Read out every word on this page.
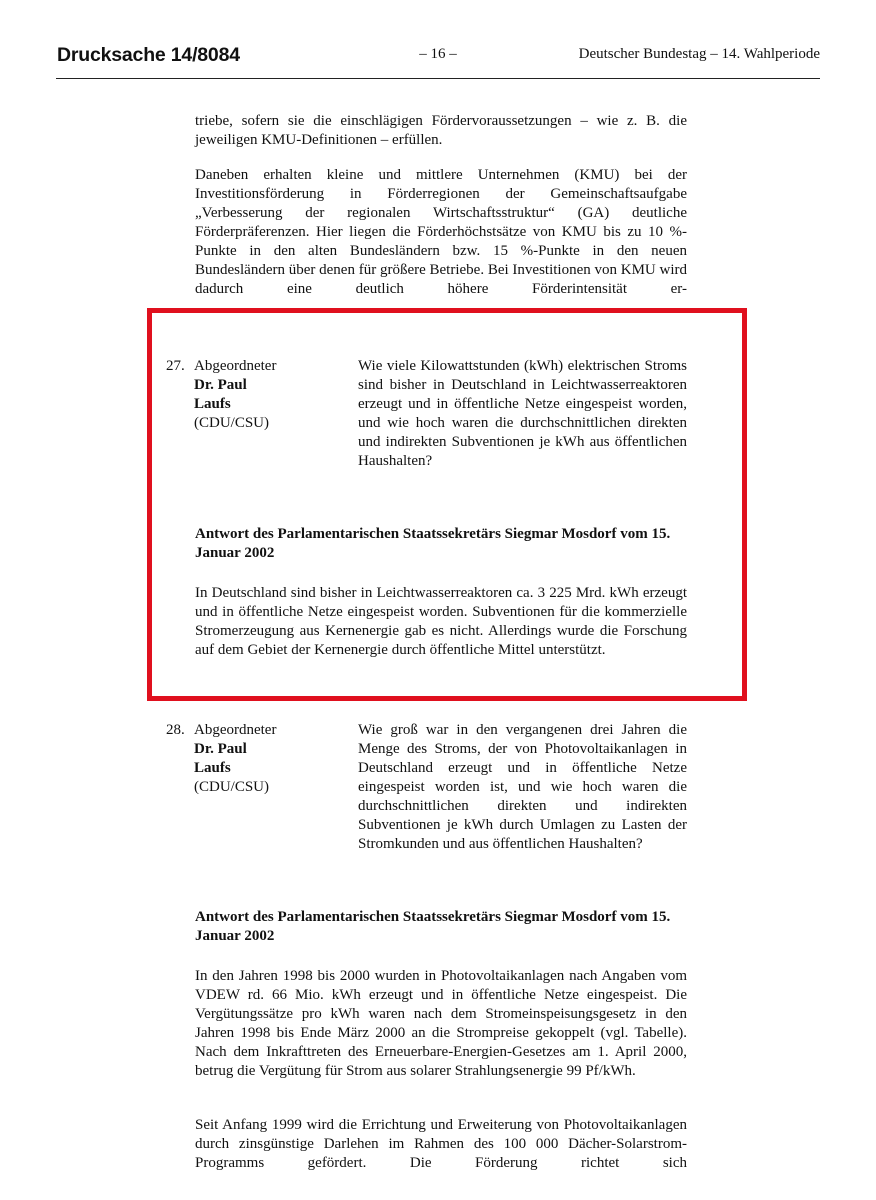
Drucksache 14/8084	– 16 –	Deutscher Bundestag – 14. Wahlperiode

triebe, sofern sie die einschlägigen Fördervoraussetzungen – wie z. B. die jeweiligen KMU-Definitionen – erfüllen.

Daneben erhalten kleine und mittlere Unternehmen (KMU) bei der Investitionsförderung in Förderregionen der Gemeinschaftsaufgabe „Verbesserung der regionalen Wirtschaftsstruktur“ (GA) deutliche Förderpräferenzen. Hier liegen die Förderhöchstsätze von KMU bis zu 10 %-Punkte in den alten Bundesländern bzw. 15 %-Punkte in den neuen Bundesländern über denen für größere Betriebe. Bei Investitionen von KMU wird dadurch eine deutlich höhere Förderintensität er-

27. Abgeordneter
Dr. Paul
Laufs
(CDU/CSU)

Wie viele Kilowattstunden (kWh) elektrischen Stroms sind bisher in Deutschland in Leichtwasserreaktoren erzeugt und in öffentliche Netze eingespeist worden, und wie hoch waren die durchschnittlichen direkten und indirekten Subventionen je kWh aus öffentlichen Haushalten?

Antwort des Parlamentarischen Staatssekretärs Siegmar Mosdorf vom 15. Januar 2002

In Deutschland sind bisher in Leichtwasserreaktoren ca. 3 225 Mrd. kWh erzeugt und in öffentliche Netze eingespeist worden. Subventionen für die kommerzielle Stromerzeugung aus Kernenergie gab es nicht. Allerdings wurde die Forschung auf dem Gebiet der Kernenergie durch öffentliche Mittel unterstützt.

28. Abgeordneter
Dr. Paul
Laufs
(CDU/CSU)

Wie groß war in den vergangenen drei Jahren die Menge des Stroms, der von Photovoltaikanlagen in Deutschland erzeugt und in öffentliche Netze eingespeist worden ist, und wie hoch waren die durchschnittlichen direkten und indirekten Subventionen je kWh durch Umlagen zu Lasten der Stromkunden und aus öffentlichen Haushalten?

Antwort des Parlamentarischen Staatssekretärs Siegmar Mosdorf vom 15. Januar 2002

In den Jahren 1998 bis 2000 wurden in Photovoltaikanlagen nach Angaben vom VDEW rd. 66 Mio. kWh erzeugt und in öffentliche Netze eingespeist. Die Vergütungssätze pro kWh waren nach dem Stromeinspeisungsgesetz in den Jahren 1998 bis Ende März 2000 an die Strompreise gekoppelt (vgl. Tabelle). Nach dem Inkrafttreten des Erneuerbare-Energien-Gesetzes am 1. April 2000, betrug die Vergütung für Strom aus solarer Strahlungsenergie 99 Pf/kWh.

Seit Anfang 1999 wird die Errichtung und Erweiterung von Photovoltaikanlagen durch zinsgünstige Darlehen im Rahmen des 100 000 Dächer-Solarstrom-Programms gefördert. Die Förderung richtet sich
